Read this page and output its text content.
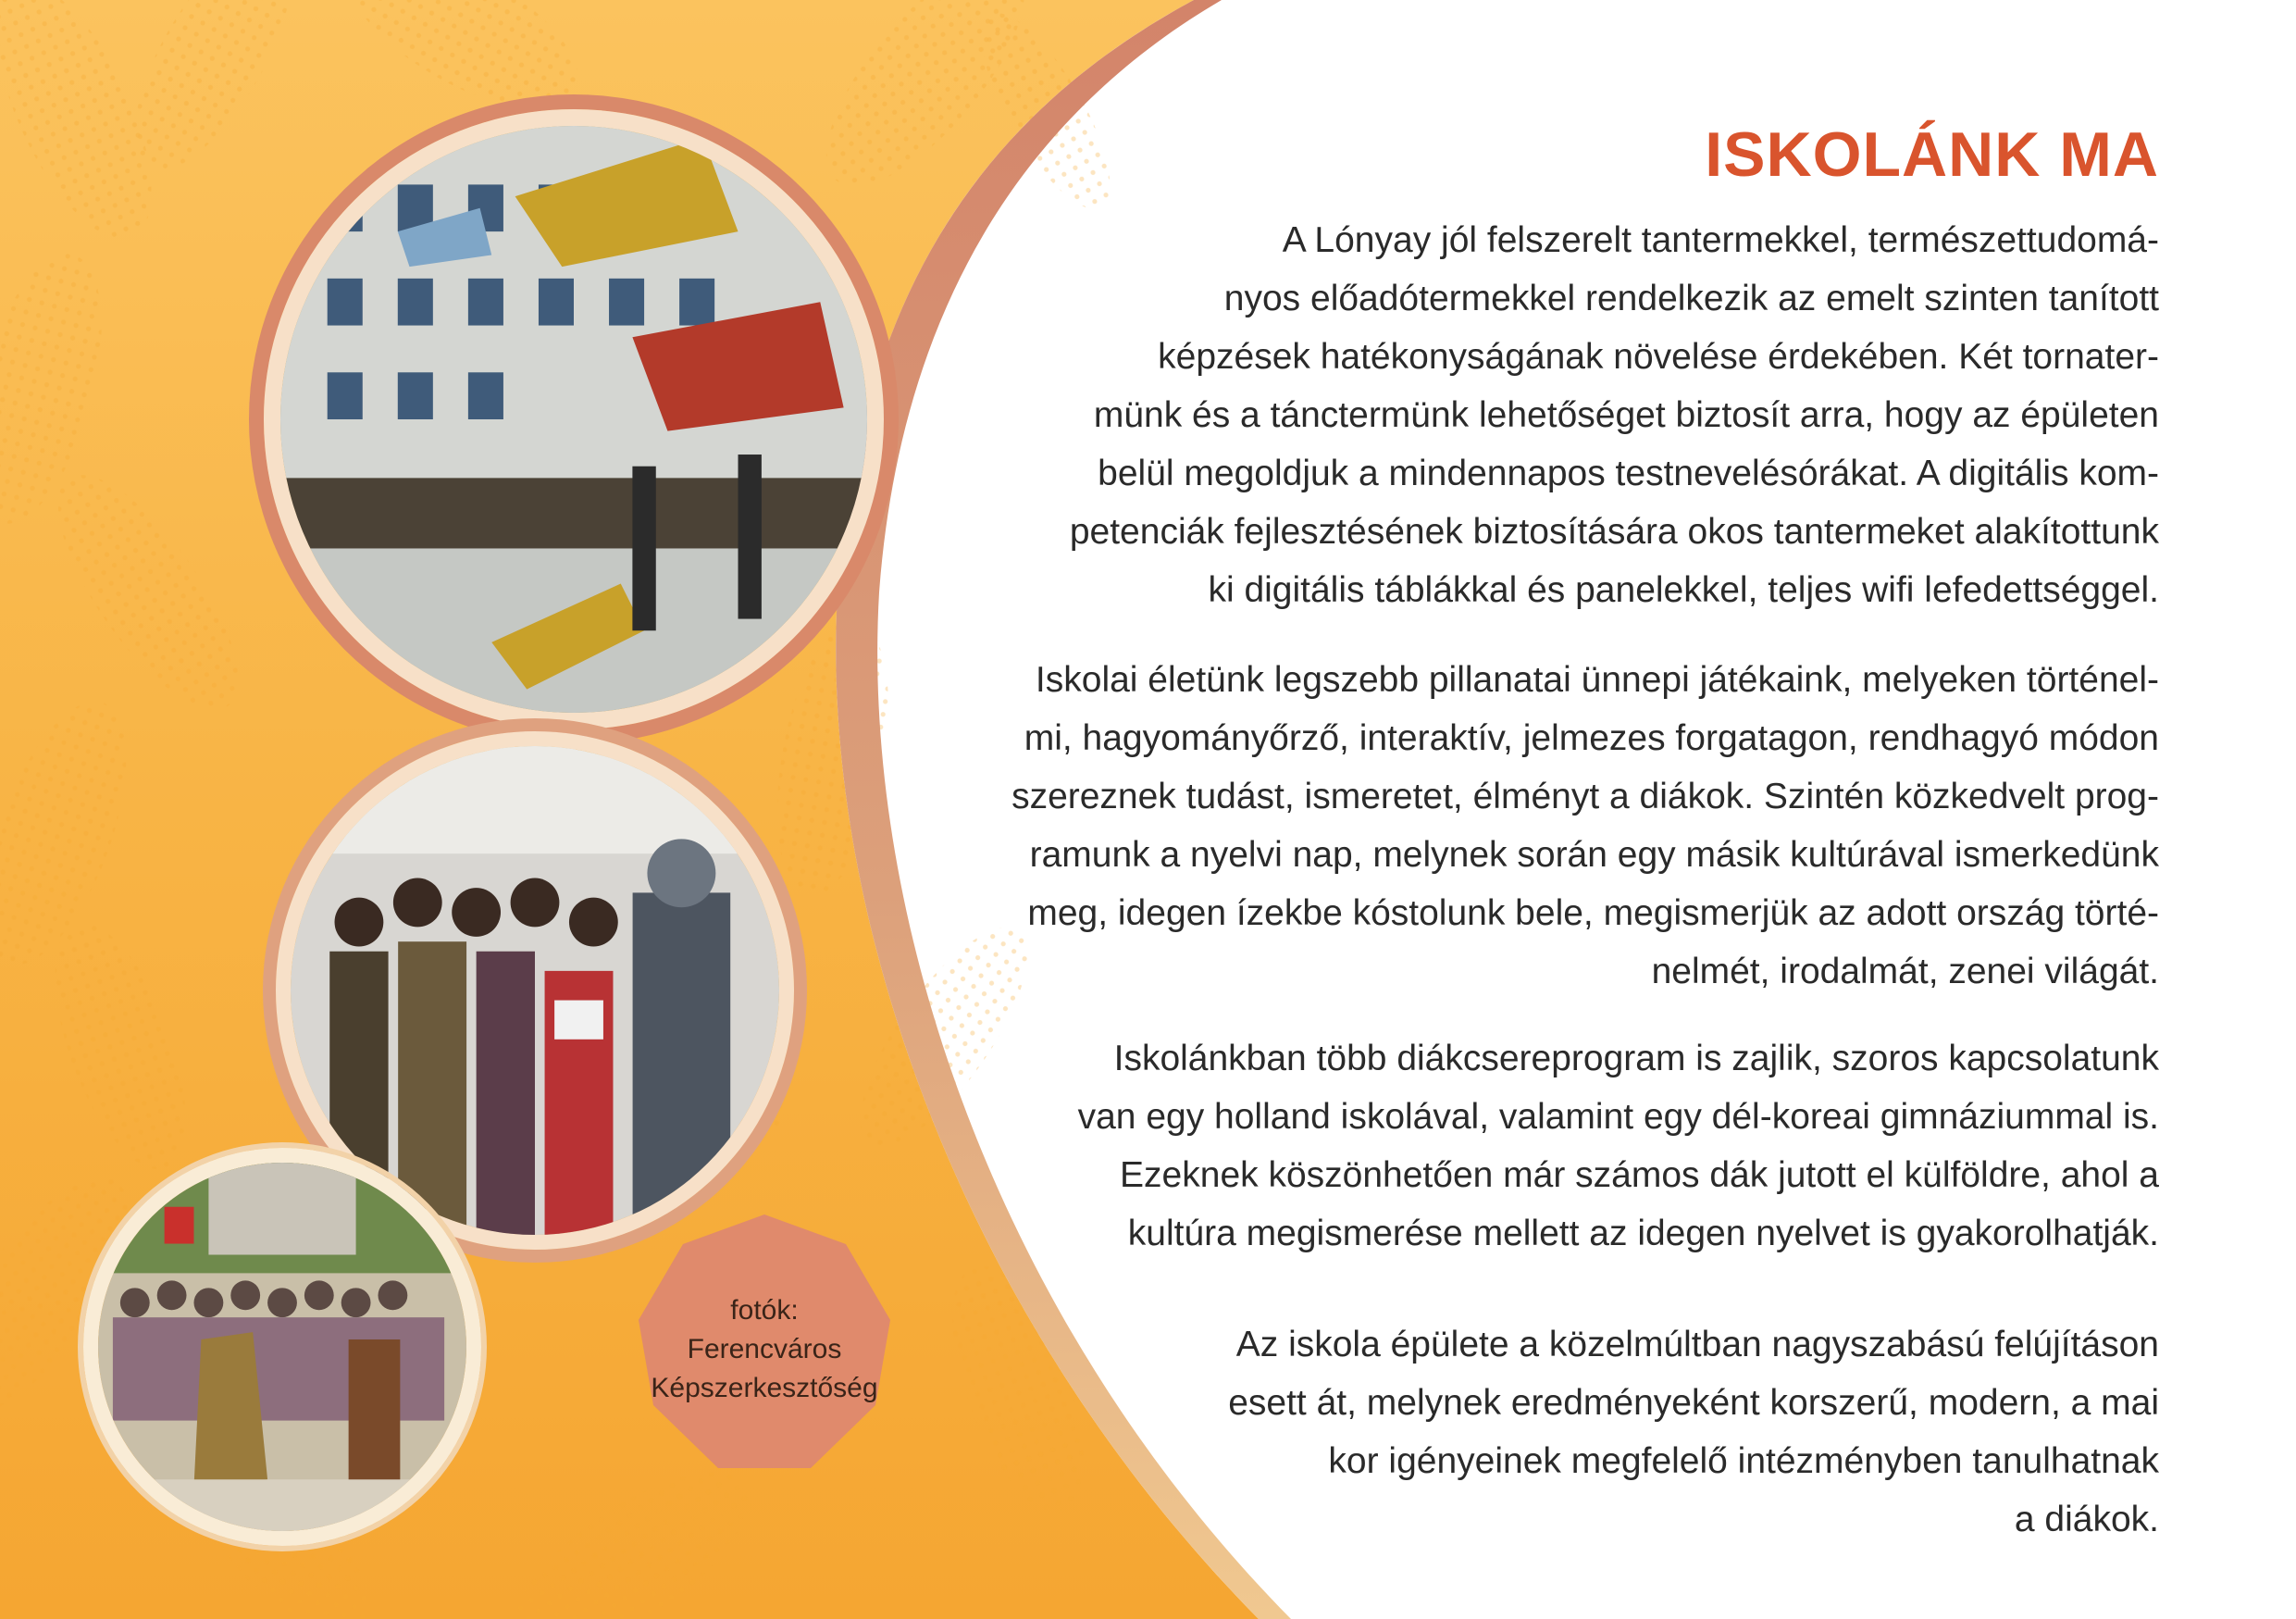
fotók:
Ferencváros
Képszerkesztőség
ISKOLÁNK MA

A Lónyay jól felszerelt tantermekkel, természettudomá-
nyos előadótermekkel rendelkezik az emelt szinten tanított
képzések hatékonyságának növelése érdekében. Két tornater-
münk és a tánctermünk lehetőséget biztosít arra, hogy az épületen
belül megoldjuk a mindennapos testnevelésórákat. A digitális kom-
petenciák fejlesztésének biztosítására okos tantermeket alakítottunk
ki digitális táblákkal és panelekkel, teljes wifi lefedettséggel.

Iskolai életünk legszebb pillanatai ünnepi játékaink, melyeken történel-
mi, hagyományőrző, interaktív, jelmezes forgatagon, rendhagyó módon
szereznek tudást, ismeretet, élményt a diákok. Szintén közkedvelt prog-
ramunk a nyelvi nap, melynek során egy másik kultúrával ismerkedünk
meg, idegen ízekbe kóstolunk bele, megismerjük az adott ország törté-
nelmét, irodalmát, zenei világát.

Iskolánkban több diákcsereprogram is zajlik, szoros kapcsolatunk
van egy holland iskolával, valamint egy dél-koreai gimnáziummal is.
Ezeknek köszönhetően már számos dák jutott el külföldre, ahol a
kultúra megismerése mellett az idegen nyelvet is gyakorolhatják.

Az iskola épülete a közelmúltban nagyszabású felújításon
esett át, melynek eredményeként korszerű, modern, a mai
kor igényeinek megfelelő intézményben tanulhatnak
a diákok.
